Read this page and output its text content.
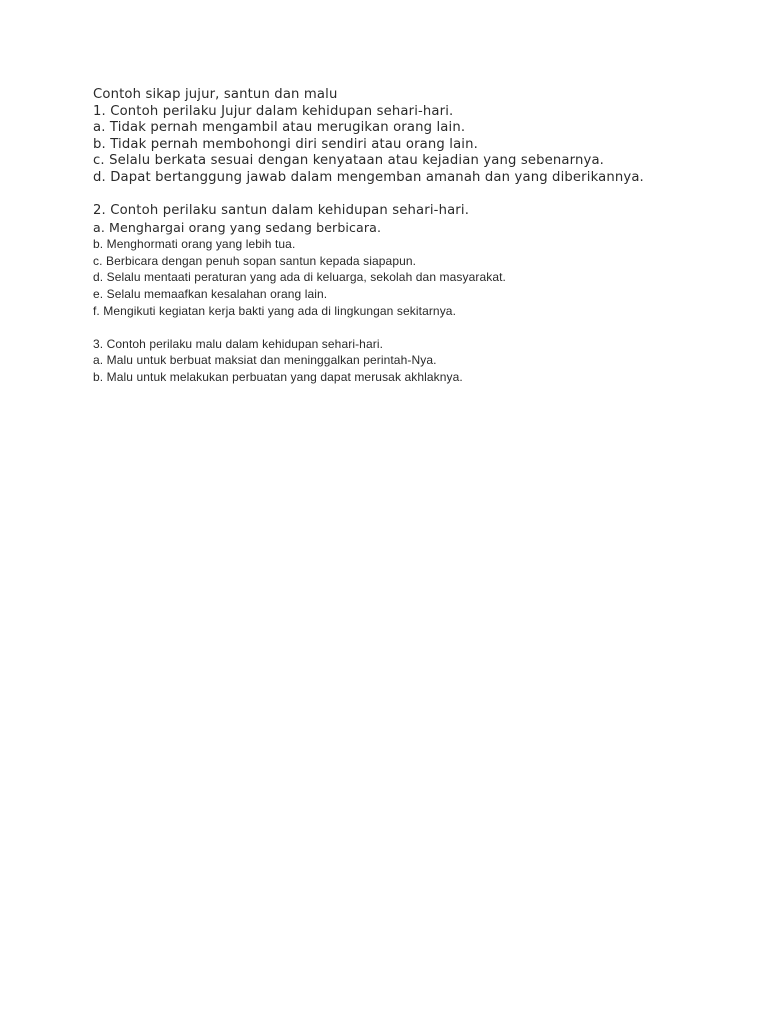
Contoh sikap jujur, santun dan malu
1. Contoh perilaku Jujur dalam kehidupan sehari-hari.
a. Tidak pernah mengambil atau merugikan orang lain.
b. Tidak pernah membohongi diri sendiri atau orang lain.
c. Selalu berkata sesuai dengan kenyataan atau kejadian yang sebenarnya.
d. Dapat bertanggung jawab dalam mengemban amanah dan yang diberikannya.
2. Contoh perilaku santun dalam kehidupan sehari-hari.
a. Menghargai orang yang sedang berbicara.
b. Menghormati orang yang lebih tua.
c. Berbicara dengan penuh sopan santun kepada siapapun.
d. Selalu mentaati peraturan yang ada di keluarga, sekolah dan masyarakat.
e. Selalu memaafkan kesalahan orang lain.
f. Mengikuti kegiatan kerja bakti yang ada di lingkungan sekitarnya.
3. Contoh perilaku malu dalam kehidupan sehari-hari.
a. Malu untuk berbuat maksiat dan meninggalkan perintah-Nya.
b. Malu untuk melakukan perbuatan yang dapat merusak akhlaknya.
